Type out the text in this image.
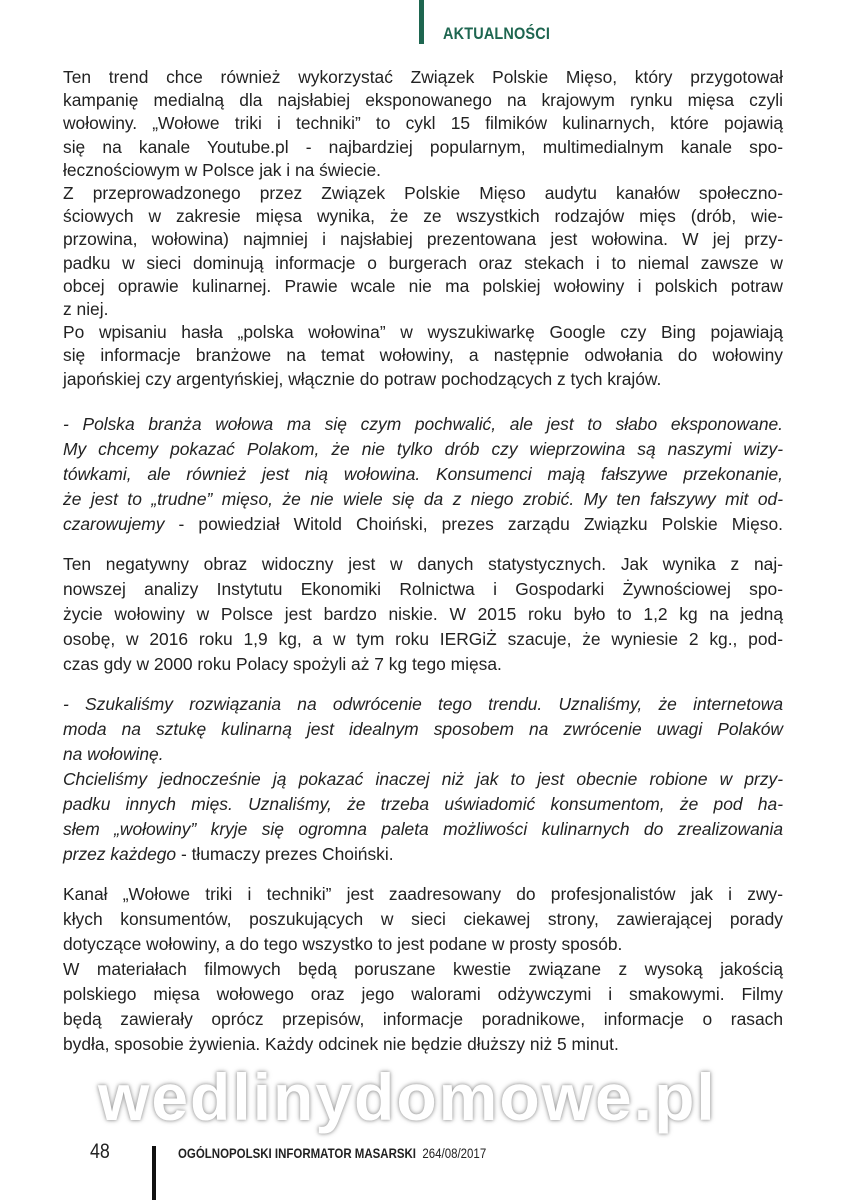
AKTUALNOŚCI
Ten trend chce również wykorzystać Związek Polskie Mięso, który przygotował
kampanię medialną dla najsłabiej eksponowanego na krajowym rynku mięsa czyli
wołowiny. „Wołowe triki i techniki” to cykl 15 filmików kulinarnych, które pojawią
się na kanale Youtube.pl - najbardziej popularnym, multimedialnym kanale spo-
łecznościowym w Polsce jak i na świecie.
Z przeprowadzonego przez Związek Polskie Mięso audytu kanałów społeczno-
ściowych w zakresie mięsa wynika, że ze wszystkich rodzajów mięs (drób, wie-
przowina, wołowina) najmniej i najsłabiej prezentowana jest wołowina. W jej przy-
padku w sieci dominują informacje o burgerach oraz stekach i to niemal zawsze w
obcej oprawie kulinarnej. Prawie wcale nie ma polskiej wołowiny i polskich potraw
z niej.
Po wpisaniu hasła „polska wołowina” w wyszukiwarkę Google czy Bing pojawiają
się informacje branżowe na temat wołowiny, a następnie odwołania do wołowiny
japońskiej czy argentyńskiej, włącznie do potraw pochodzących z tych krajów.
- Polska branża wołowa ma się czym pochwalić, ale jest to słabo eksponowane.
My chcemy pokazać Polakom, że nie tylko drób czy wieprzowina są naszymi wizy-
tówkami, ale również jest nią wołowina. Konsumenci mają fałszywe przekonanie,
że jest to „trudne” mięso, że nie wiele się da z niego zrobić. My ten fałszywy mit od-
czarowujemy - powiedział Witold Choiński, prezes zarządu Związku Polskie Mięso.
Ten negatywny obraz widoczny jest w danych statystycznych. Jak wynika z naj-
nowszej analizy Instytutu Ekonomiki Rolnictwa i Gospodarki Żywnościowej spo-
życie wołowiny w Polsce jest bardzo niskie. W 2015 roku było to 1,2 kg na jedną
osobę, w 2016 roku 1,9 kg, a w tym roku IERGiŻ szacuje, że wyniesie 2 kg., pod-
czas gdy w 2000 roku Polacy spożyli aż 7 kg tego mięsa.
- Szukaliśmy rozwiązania na odwrócenie tego trendu. Uznaliśmy, że internetowa
moda na sztukę kulinarną jest idealnym sposobem na zwrócenie uwagi Polaków
na wołowinę.
Chcieliśmy jednocześnie ją pokazać inaczej niż jak to jest obecnie robione w przy-
padku innych mięs. Uznaliśmy, że trzeba uświadomić konsumentom, że pod ha-
słem „wołowiny” kryje się ogromna paleta możliwości kulinarnych do zrealizowania
przez każdego - tłumaczy prezes Choiński.
Kanał „Wołowe triki i techniki” jest zaadresowany do profesjonalistów jak i zwy-
kłych konsumentów, poszukujących w sieci ciekawej strony, zawierającej porady
dotyczące wołowiny, a do tego wszystko to jest podane w prosty sposób.
W materiałach filmowych będą poruszane kwestie związane z wysoką jakością
polskiego mięsa wołowego oraz jego walorami odżywczymi i smakowymi. Filmy
będą zawierały oprócz przepisów, informacje poradnikowe, informacje o rasach
bydła, sposobie żywienia. Każdy odcinek nie będzie dłuższy niż 5 minut.
wedlinydomowe.pl
48	OGÓLNOPOLSKI INFORMATOR MASARSKI 264/08/2017
